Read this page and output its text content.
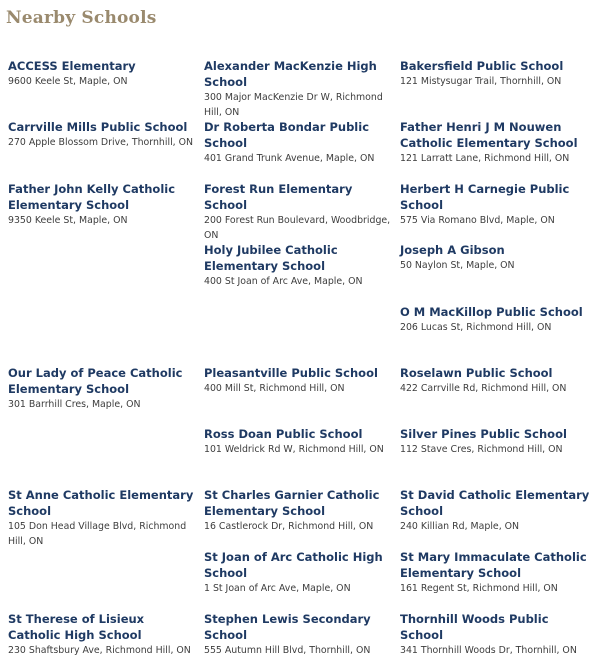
Nearby Schools
ACCESS Elementary
9600 Keele St, Maple, ON
Alexander MacKenzie High School
300 Major MacKenzie Dr W, Richmond Hill, ON
Bakersfield Public School
121 Mistysugar Trail, Thornhill, ON
Carrville Mills Public School
270 Apple Blossom Drive, Thornhill, ON
Dr Roberta Bondar Public School
401 Grand Trunk Avenue, Maple, ON
Father Henri J M Nouwen Catholic Elementary School
121 Larratt Lane, Richmond Hill, ON
Father John Kelly Catholic Elementary School
9350 Keele St, Maple, ON
Forest Run Elementary School
200 Forest Run Boulevard, Woodbridge, ON
Herbert H Carnegie Public School
575 Via Romano Blvd, Maple, ON
Holy Jubilee Catholic Elementary School
400 St Joan of Arc Ave, Maple, ON
Joseph A Gibson
50 Naylon St, Maple, ON
O M MacKillop Public School
206 Lucas St, Richmond Hill, ON
Our Lady of Peace Catholic Elementary School
301 Barrhill Cres, Maple, ON
Pleasantville Public School
400 Mill St, Richmond Hill, ON
Roselawn Public School
422 Carrville Rd, Richmond Hill, ON
Ross Doan Public School
101 Weldrick Rd W, Richmond Hill, ON
Silver Pines Public School
112 Stave Cres, Richmond Hill, ON
St Anne Catholic Elementary School
105 Don Head Village Blvd, Richmond Hill, ON
St Charles Garnier Catholic Elementary School
16 Castlerock Dr, Richmond Hill, ON
St David Catholic Elementary School
240 Killian Rd, Maple, ON
St Joan of Arc Catholic High School
1 St Joan of Arc Ave, Maple, ON
St Mary Immaculate Catholic Elementary School
161 Regent St, Richmond Hill, ON
St Therese of Lisieux Catholic High School
230 Shaftsbury Ave, Richmond Hill, ON
Stephen Lewis Secondary School
555 Autumn Hill Blvd, Thornhill, ON
Thornhill Woods Public School
341 Thornhill Woods Dr, Thornhill, ON
